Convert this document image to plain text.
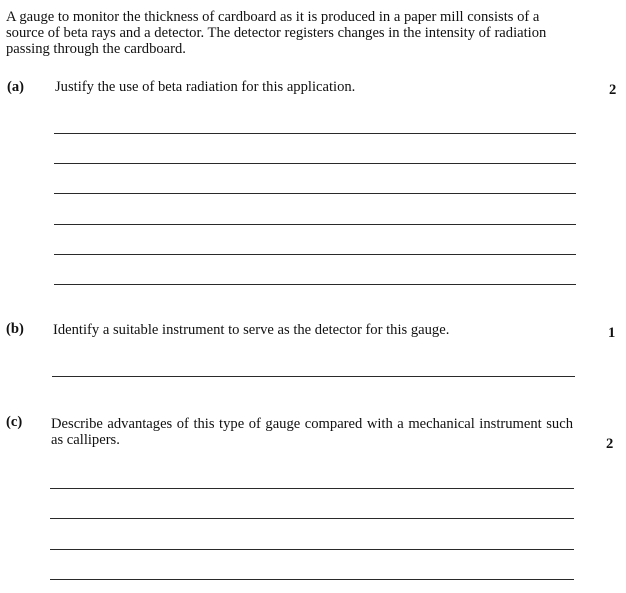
A gauge to monitor the thickness of cardboard as it is produced in a paper mill consists of a source of beta rays and a detector. The detector registers changes in the intensity of radiation passing through the cardboard.
(a) Justify the use of beta radiation for this application.	2
(b) Identify a suitable instrument to serve as the detector for this gauge.	1
(c) Describe advantages of this type of gauge compared with a mechanical instrument such as callipers.	2
